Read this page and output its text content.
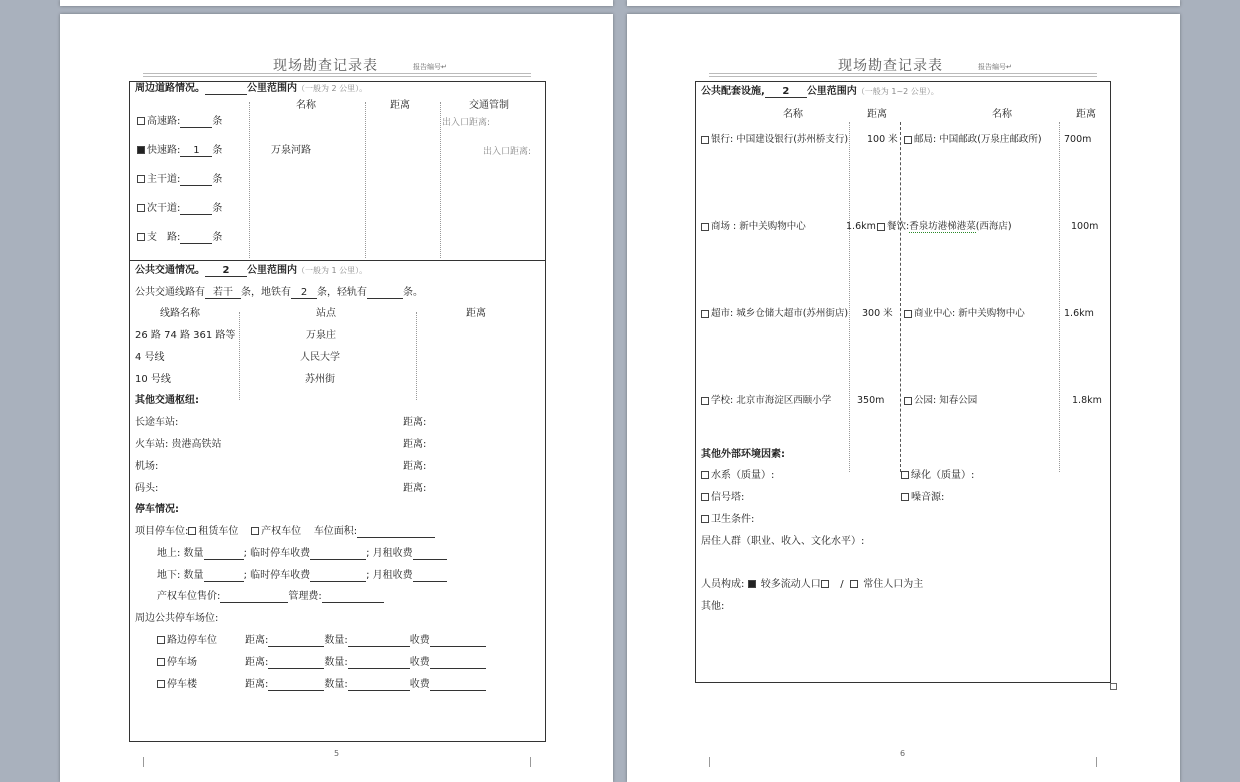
现场勘查记录表	报告编号↵
周边道路情况。	公里范围内（一般为 2 公里）。
名称	距离	交通管制
高速路:	条	出入口距离:
快速路: 1 条	万泉河路	出入口距离:
主干道:	条
次干道:	条
支　路:	条
公共交通情况。 2 公里范围内（一般为 1 公里）。
公共交通线路有 若干 条，地铁有 2 条，轻轨有	条。
线路名称	站点	距离
26 路 74 路 361 路等	万泉庄
4 号线	人民大学
10 号线	苏州街
其他交通枢纽:
长途车站:	距离:
火车站: 贵港高铁站	距离:
机场:	距离:
码头:	距离:
停车情况:
项目停车位: 租赁车位 产权车位 车位面积:
地上: 数量	; 临时停车收费	; 月租收费
地下: 数量	; 临时停车收费	; 月租收费
产权车位售价:	管理费:
周边公共停车场位:
路边停车位	距离:	数量:	收费
停车场	距离:	数量:	收费
停车楼	距离:	数量:	收费
5
现场勘查记录表	报告编号↵
公共配套设施, 2 公里范围内（一般为 1~2 公里）。
名称	距离	名称	距离
银行: 中国建设银行(苏州桥支行) 100 米	邮局: 中国邮政(万泉庄邮政所) 700m
商场 : 新中关购物中心	1.6km	餐饮:香泉坊港梯港菜(西海店)	100m
超市: 城乡仓储大超市(苏州街店) 300 米	商业中心: 新中关购物中心	1.6km
学校: 北京市海淀区西颐小学	350m	公园: 知春公园	1.8km
其他外部环境因素:
水系（质量）:	绿化（质量）:
信号塔:	噪音源:
卫生条件:
居住人群（职业、收入、文化水平）:
人员构成: 较多流动人口 / 常住人口为主
其他:
6
